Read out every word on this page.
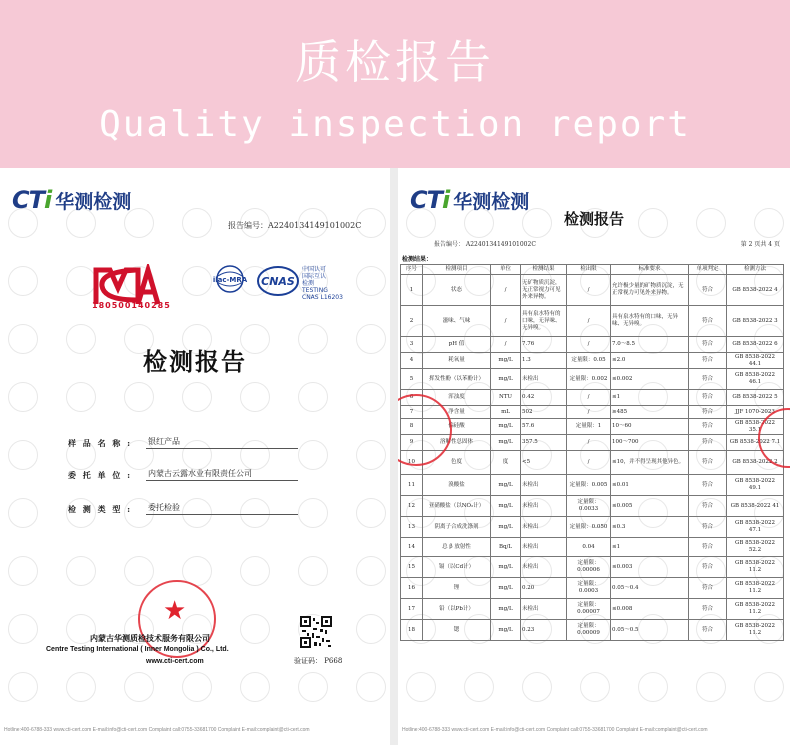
质检报告
Quality inspection report
CTi 华测检测
报告编号：A2240134149101002C
180500140285
ilac-MRA CNAS
中国认可
国际互认
检测
TESTING
CNAS L16203
检测报告
样 品 名 称 :	银红产品
委 托 单 位 :	内蒙古云露水业有限责任公司
检 测 类 型 :	委托检验
★
内蒙古华测质检技术服务有限公司
Centre Testing International ( Inner Mongolia ) Co., Ltd.
www.cti-cert.com	验证码： P668
Hotline:400-6788-333 www.cti-cert.com E-mail:info@cti-cert.com Complaint call:0755-33681700 Complaint E-mail:complaint@cti-cert.com
CTi 华测检测
检测报告
报告编号： A2240134149101002C	第 2 页共 4 页
检测结果：
序号	检测项目	单位	检测结果	检出限	标准要求	单项判定	检测方法
1	状态	/	无矿物质沉淀，无正常视力可见外来异物。	/	允许极少量的矿物质沉淀，无正常视力可见外来异物。	符合	GB 8538-2022 4
2	滋味、气味	/	具有泉水特有的口味，无异味、无异嗅。	/	具有泉水特有的口味，无异味、无异嗅。	符合	GB 8538-2022 3
3	pH 值	/	7.76	/	7.0～8.5	符合	GB 8538-2022 6
4	耗氧量	mg/L	1.3	定量限：0.05	≤2.0	符合	GB 8538-2022 44.1
5	挥发性酚（以苯酚计）	mg/L	未检出	定量限：0.002	≤0.002	符合	GB 8538-2022 46.1
6	浑浊度	NTU	0.42	/	≤1	符合	GB 8538-2022 5
7	净含量	mL	502	/	≥485	符合	JJF 1070-2023
8	偏硅酸	mg/L	57.6	定量限：1	10～60	符合	GB 8538-2022 35.1
9	溶解性总固体	mg/L	357.5	/	100～700	符合	GB 8538-2022 7.1
10	色度	度	<5	/	≤10，并不得呈现其他异色。	符合	GB 8538-2022 2
11	溴酸盐	mg/L	未检出	定量限：0.005	≤0.01	符合	GB 8538-2022 49.1
12	亚硝酸盐（以NO₂计）	mg/L	未检出	定量限：0.0033	≤0.005	符合	GB 8538-2022 41
13	阴离子合成洗涤剂	mg/L	未检出	定量限：0.050	≤0.3	符合	GB 8538-2022 47.1
14	总 β 放射性	Bq/L	未检出	0.04	≤1	符合	GB 8538-2022 52.2
15	镉（以Cd计）	mg/L	未检出	定量限：0.00006	≤0.003	符合	GB 8538-2022 11.2
16	锂	mg/L	0.20	定量限：0.0003	0.05～0.4	符合	GB 8538-2022 11.2
17	铅（以Pb计）	mg/L	未检出	定量限：0.00007	≤0.008	符合	GB 8538-2022 11.2
18	锶	mg/L	0.23	定量限：0.00009	0.05～0.5	符合	GB 8538-2022 11.2
Hotline:400-6788-333 www.cti-cert.com E-mail:info@cti-cert.com Complaint call:0755-33681700 Complaint E-mail:complaint@cti-cert.com
